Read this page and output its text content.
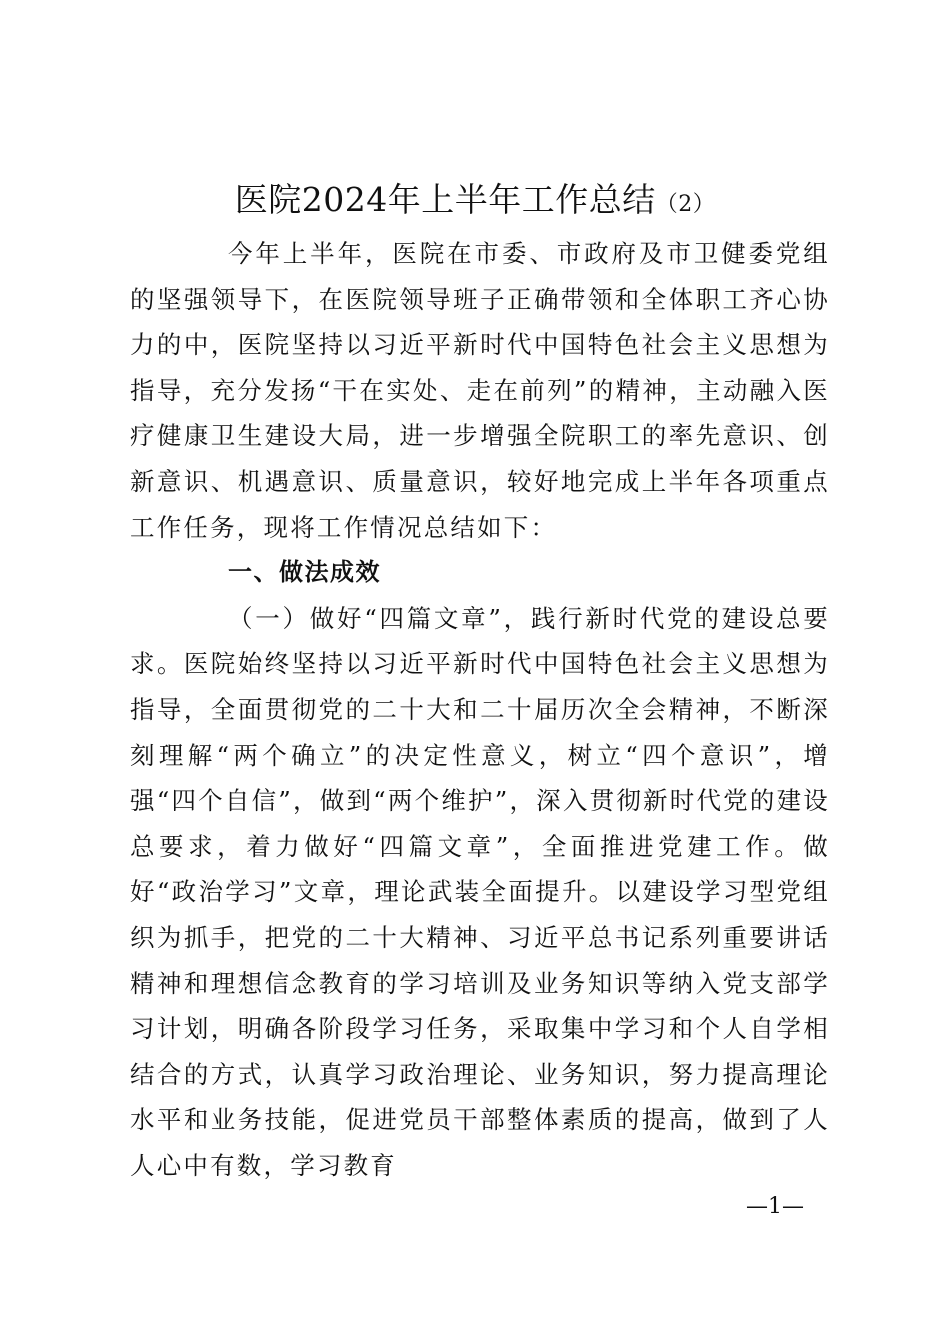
医院2024年上半年工作总结（2）

今年上半年，医院在市委、市政府及市卫健委党组的坚强领导下，在医院领导班子正确带领和全体职工齐心协力的中，医院坚持以习近平新时代中国特色社会主义思想为指导，充分发扬“干在实处、走在前列”的精神，主动融入医疗健康卫生建设大局，进一步增强全院职工的率先意识、创新意识、机遇意识、质量意识，较好地完成上半年各项重点工作任务，现将工作情况总结如下：

一、做法成效

（一）做好“四篇文章”，践行新时代党的建设总要求。医院始终坚持以习近平新时代中国特色社会主义思想为指导，全面贯彻党的二十大和二十届历次全会精神，不断深刻理解“两个确立”的决定性意义，树立“四个意识”，增强“四个自信”，做到“两个维护”，深入贯彻新时代党的建设总要求，着力做好“四篇文章”，全面推进党建工作。做好“政治学习”文章，理论武装全面提升。以建设学习型党组织为抓手，把党的二十大精神、习近平总书记系列重要讲话精神和理想信念教育的学习培训及业务知识等纳入党支部学习计划，明确各阶段学习任务，采取集中学习和个人自学相结合的方式，认真学习政治理论、业务知识，努力提高理论水平和业务技能，促进党员干部整体素质的提高，做到了人人心中有数，学习教育

—1—
